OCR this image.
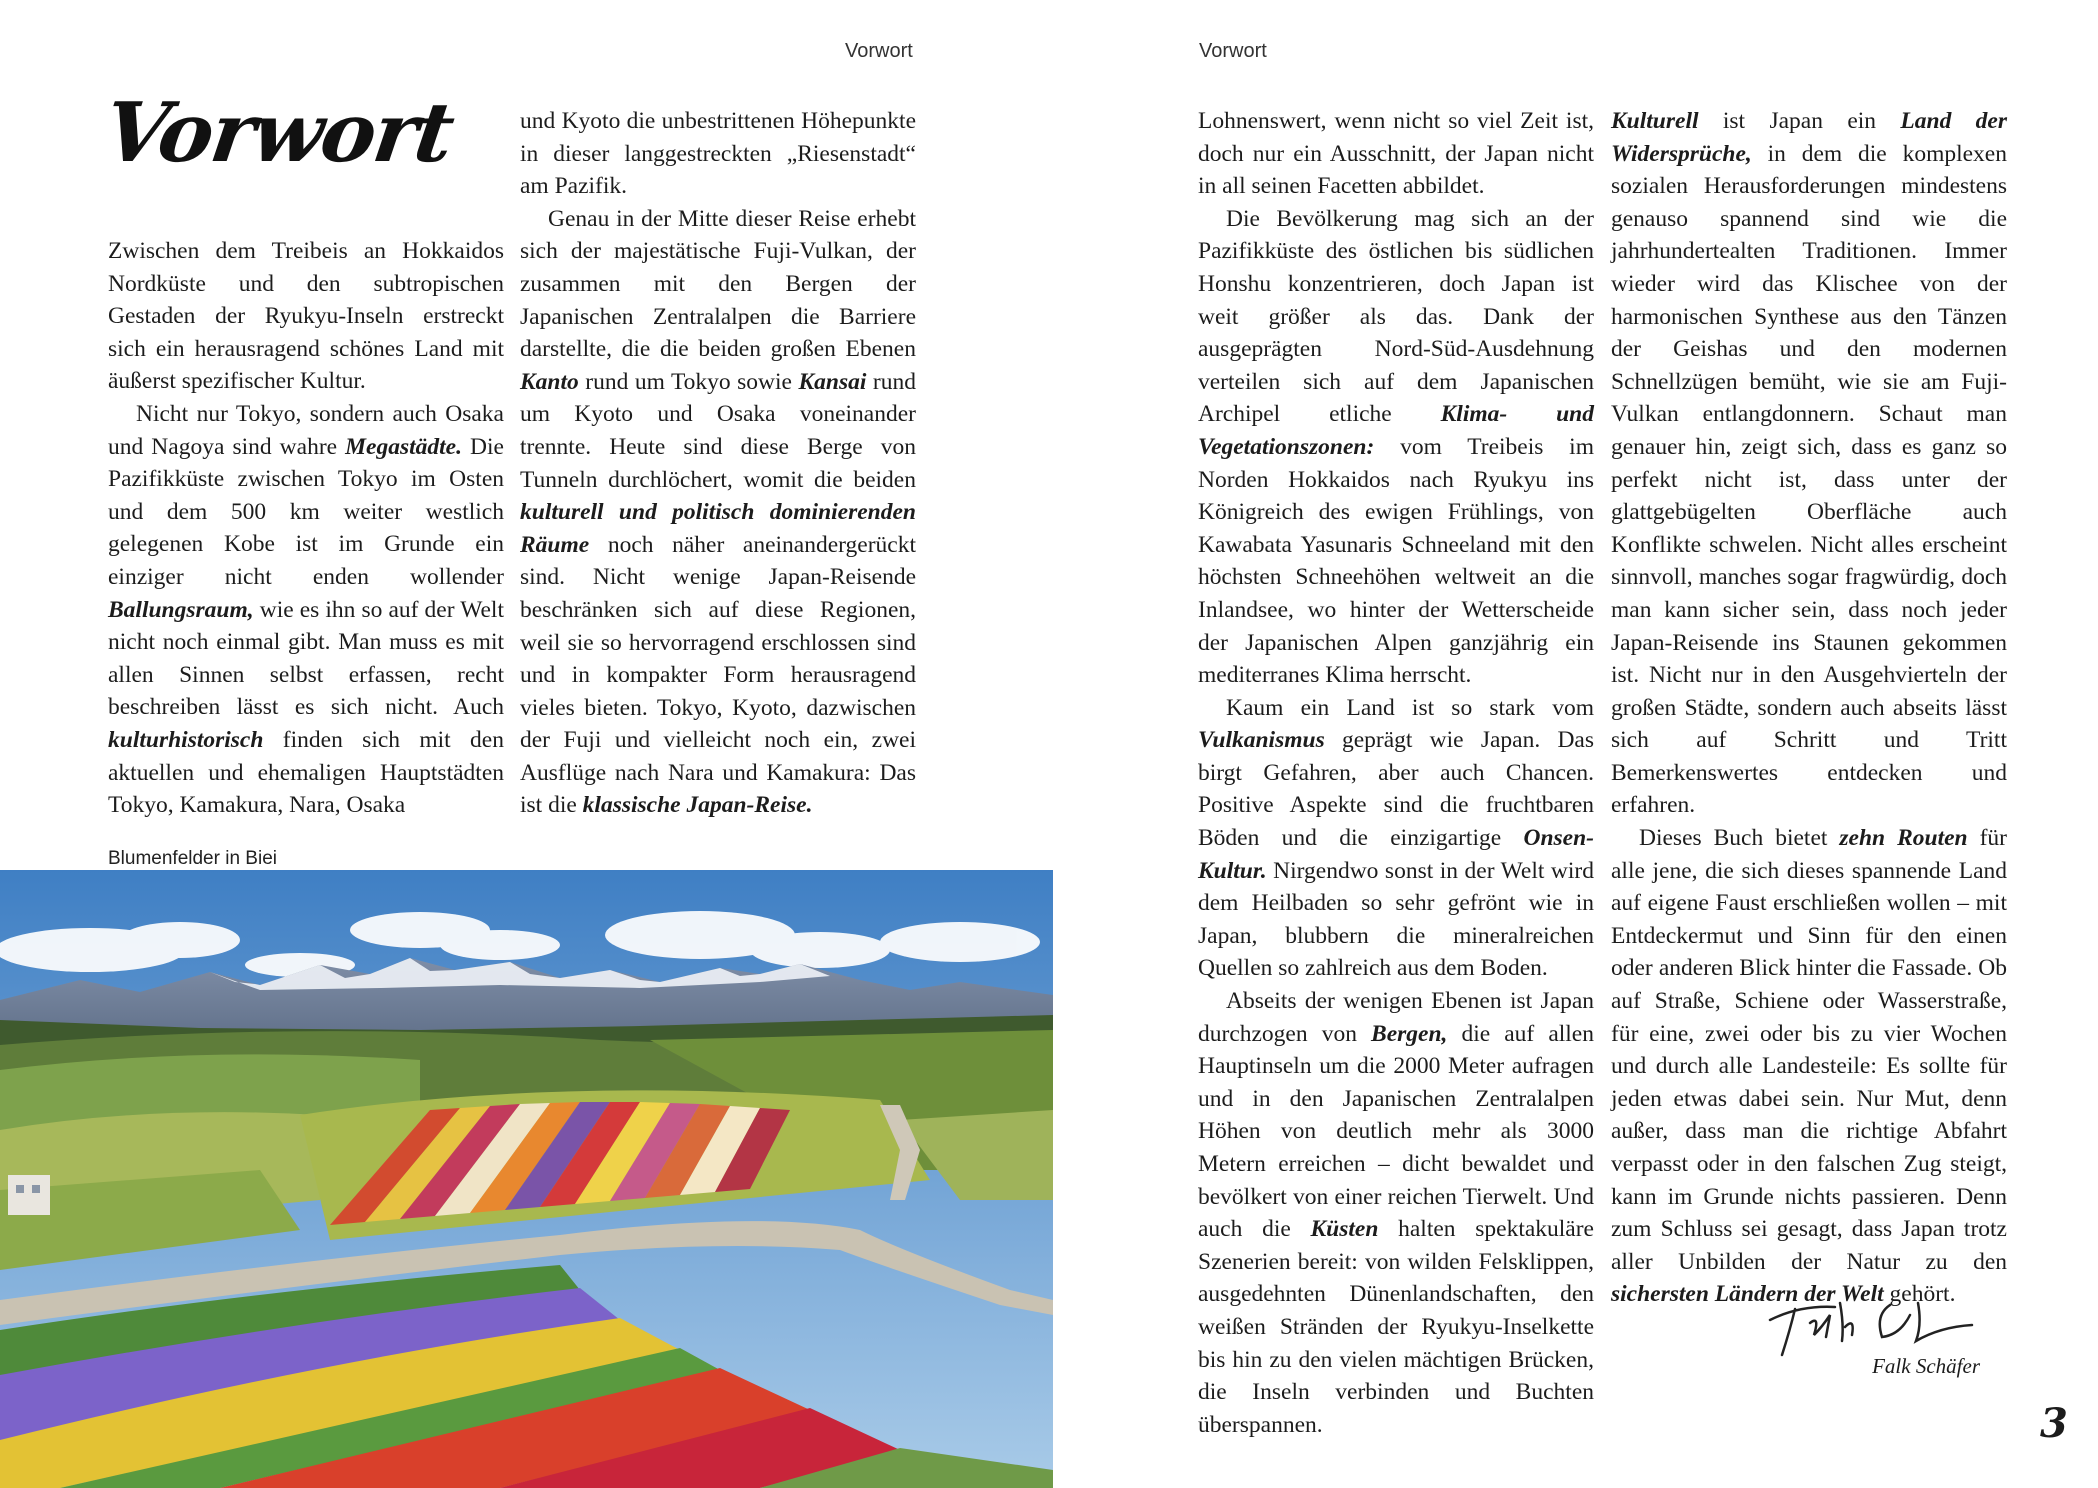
Vorwort	Vorwort
Vorwort

Zwischen dem Treibeis an Hokkaidos Nordküste und den subtropischen Gestaden der Ryukyu-Inseln erstreckt sich ein herausragend schönes Land mit äußerst spezifischer Kultur.

Nicht nur Tokyo, sondern auch Osaka und Nagoya sind wahre Megastädte. Die Pazifikküste zwischen Tokyo im Osten und dem 500 km weiter westlich gelegenen Kobe ist im Grunde ein einziger nicht enden wollender Ballungsraum, wie es ihn so auf der Welt nicht noch einmal gibt. Man muss es mit allen Sinnen selbst erfassen, recht beschreiben lässt es sich nicht. Auch kulturhistorisch finden sich mit den aktuellen und ehemaligen Hauptstädten Tokyo, Kamakura, Nara, Osaka

und Kyoto die unbestrittenen Höhepunkte in dieser langgestreckten „Riesenstadt“ am Pazifik.

Genau in der Mitte dieser Reise erhebt sich der majestätische Fuji-Vulkan, der zusammen mit den Bergen der Japanischen Zentralalpen die Barriere darstellte, die die beiden großen Ebenen Kanto rund um Tokyo sowie Kansai rund um Kyoto und Osaka voneinander trennte. Heute sind diese Berge von Tunneln durchlöchert, womit die beiden kulturell und politisch dominierenden Räume noch näher aneinandergerückt sind. Nicht wenige Japan-Reisende beschränken sich auf diese Regionen, weil sie so hervorragend erschlossen sind und in kompakter Form herausragend vieles bieten. Tokyo, Kyoto, dazwischen der Fuji und vielleicht noch ein, zwei Ausflüge nach Nara und Kamakura: Das ist die klassische Japan-Reise.

Lohnenswert, wenn nicht so viel Zeit ist, doch nur ein Ausschnitt, der Japan nicht in all seinen Facetten abbildet.

Die Bevölkerung mag sich an der Pazifikküste des östlichen bis südlichen Honshu konzentrieren, doch Japan ist weit größer als das. Dank der ausgeprägten Nord-Süd-Ausdehnung verteilen sich auf dem Japanischen Archipel etliche Klima- und Vegetationszonen: vom Treibeis im Norden Hokkaidos nach Ryukyu ins Königreich des ewigen Frühlings, von Kawabata Yasunaris Schneeland mit den höchsten Schneehöhen weltweit an die Inlandsee, wo hinter der Wetterscheide der Japanischen Alpen ganzjährig ein mediterranes Klima herrscht.

Kaum ein Land ist so stark vom Vulkanismus geprägt wie Japan. Das birgt Gefahren, aber auch Chancen. Positive Aspekte sind die fruchtbaren Böden und die einzigartige Onsen-Kultur. Nirgendwo sonst in der Welt wird dem Heilbaden so sehr gefrönt wie in Japan, blubbern die mineralreichen Quellen so zahlreich aus dem Boden.

Abseits der wenigen Ebenen ist Japan durchzogen von Bergen, die auf allen Hauptinseln um die 2000 Meter aufragen und in den Japanischen Zentralalpen Höhen von deutlich mehr als 3000 Metern erreichen – dicht bewaldet und bevölkert von einer reichen Tierwelt. Und auch die Küsten halten spektakuläre Szenerien bereit: von wilden Felsklippen, ausgedehnten Dünenlandschaften, den weißen Stränden der Ryukyu-Inselkette bis hin zu den vielen mächtigen Brücken, die Inseln verbinden und Buchten überspannen.

Kulturell ist Japan ein Land der Widersprüche, in dem die komplexen sozialen Herausforderungen mindestens genauso spannend sind wie die jahrhundertealten Traditionen. Immer wieder wird das Klischee von der harmonischen Synthese aus den Tänzen der Geishas und den modernen Schnellzügen bemüht, wie sie am Fuji-Vulkan entlangdonnern. Schaut man genauer hin, zeigt sich, dass es ganz so perfekt nicht ist, dass unter der glattgebügelten Oberfläche auch Konflikte schwelen. Nicht alles erscheint sinnvoll, manches sogar fragwürdig, doch man kann sicher sein, dass noch jeder Japan-Reisende ins Staunen gekommen ist. Nicht nur in den Ausgehvierteln der großen Städte, sondern auch abseits lässt sich auf Schritt und Tritt Bemerkenswertes entdecken und erfahren.

Dieses Buch bietet zehn Routen für alle jene, die sich dieses spannende Land auf eigene Faust erschließen wollen – mit Entdeckermut und Sinn für den einen oder anderen Blick hinter die Fassade. Ob auf Straße, Schiene oder Wasserstraße, für eine, zwei oder bis zu vier Wochen und durch alle Landesteile: Es sollte für jeden etwas dabei sein. Nur Mut, denn außer, dass man die richtige Abfahrt verpasst oder in den falschen Zug steigt, kann im Grunde nichts passieren. Denn zum Schluss sei gesagt, dass Japan trotz aller Unbilden der Natur zu den sichersten Ländern der Welt gehört.

Blumenfelder in Biei
Falk Schäfer
3
